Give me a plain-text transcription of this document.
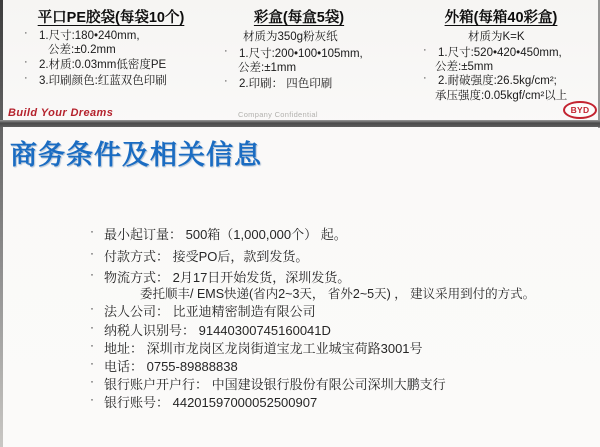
平口PE胶袋(每袋10个)
· 1.尺寸:180•240mm,
公差:±0.2mm
· 2.材质:0.03mm低密度PE
· 3.印刷颜色:红蓝双色印刷
彩盒(每盒5袋)
材质为350g粉灰纸
· 1.尺寸:200•100•105mm,
公差:±1mm
· 2.印刷： 四色印刷
外箱(每箱40彩盒)
材质为K=K
· 1.尺寸:520•420•450mm,
公差:±5mm
· 2.耐破强度:26.5kg/cm²;
承压强度:0.05kgf/cm²以上
Build Your Dreams	Company Confidential	BYD
商务条件及相关信息
· 最小起订量： 500箱（1,000,000个） 起。
· 付款方式： 接受PO后，款到发货。
· 物流方式： 2月17日开始发货，深圳发货。
委托顺丰/ EMS快递(省内2~3天， 省外2~5天) ， 建议采用到付的方式。
· 法人公司： 比亚迪精密制造有限公司
· 纳税人识别号： 91440300745160041D
· 地址： 深圳市龙岗区龙岗街道宝龙工业城宝荷路3001号
· 电话： 0755-89888838
· 银行账户开户行： 中国建设银行股份有限公司深圳大鹏支行
· 银行账号： 44201597000052500907
